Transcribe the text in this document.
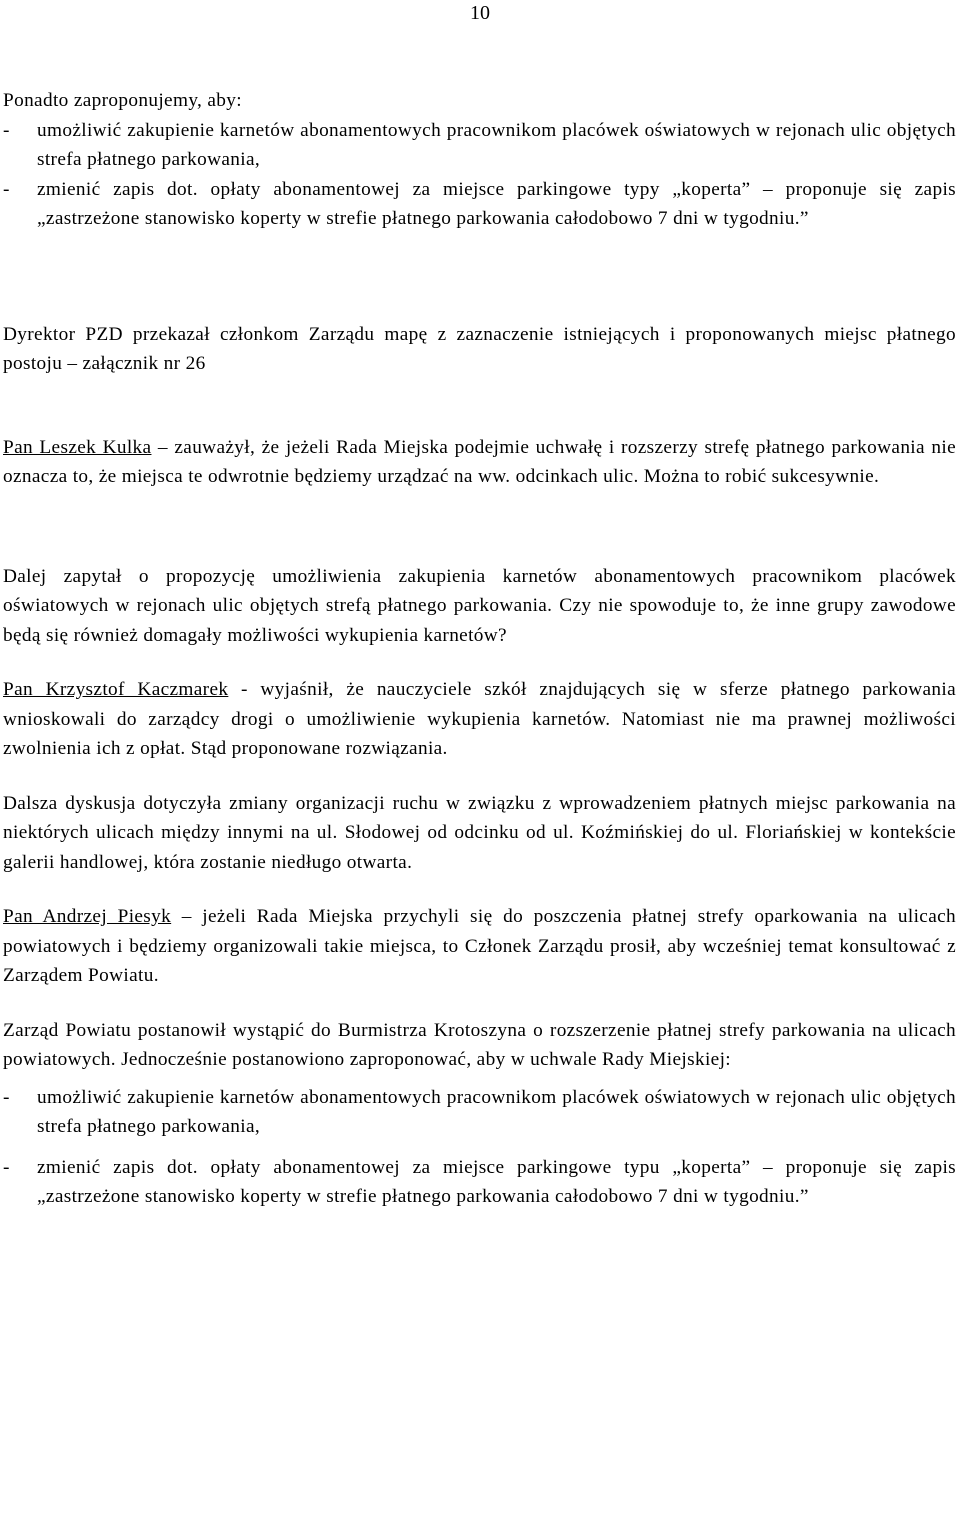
10

Ponadto zaproponujemy, aby:

-	umożliwić zakupienie karnetów abonamentowych pracownikom placówek oświatowych w rejonach ulic objętych strefa płatnego parkowania,
-	zmienić zapis dot. opłaty abonamentowej za miejsce parkingowe typy „koperta” – proponuje się zapis „zastrzeżone stanowisko koperty w strefie płatnego parkowania całodobowo 7 dni w tygodniu.”

Dyrektor PZD przekazał członkom Zarządu mapę z zaznaczenie istniejących i proponowanych miejsc płatnego postoju – załącznik nr 26

Pan Leszek Kulka – zauważył, że jeżeli Rada Miejska podejmie uchwałę i rozszerzy strefę płatnego parkowania nie oznacza to, że miejsca te odwrotnie będziemy urządzać na ww. odcinkach ulic. Można to robić sukcesywnie.

Dalej zapytał o propozycję umożliwienia zakupienia karnetów abonamentowych pracownikom placówek oświatowych w rejonach ulic objętych strefą płatnego parkowania. Czy nie spowoduje to, że inne grupy zawodowe będą się również domagały możliwości wykupienia karnetów?

Pan Krzysztof Kaczmarek - wyjaśnił, że nauczyciele szkół znajdujących się w sferze płatnego parkowania wnioskowali do zarządcy drogi o umożliwienie wykupienia karnetów. Natomiast nie ma prawnej możliwości zwolnienia ich z opłat. Stąd proponowane rozwiązania.

Dalsza dyskusja dotyczyła zmiany organizacji ruchu w związku z wprowadzeniem płatnych miejsc parkowania na niektórych ulicach między innymi na ul. Słodowej od odcinku od ul. Koźmińskiej do ul. Floriańskiej w kontekście galerii handlowej, która zostanie niedługo otwarta.

Pan Andrzej Piesyk – jeżeli Rada Miejska przychyli się do poszczenia płatnej strefy oparkowania na ulicach powiatowych i będziemy organizowali takie miejsca, to Członek Zarządu prosił, aby wcześniej temat konsultować z Zarządem Powiatu.

Zarząd Powiatu postanowił wystąpić do Burmistrza Krotoszyna o rozszerzenie płatnej strefy parkowania na ulicach powiatowych. Jednocześnie postanowiono zaproponować, aby w uchwale Rady Miejskiej:

-	umożliwić zakupienie karnetów abonamentowych pracownikom placówek oświatowych w rejonach ulic objętych strefa płatnego parkowania,
-	zmienić zapis dot. opłaty abonamentowej za miejsce parkingowe typu „koperta” – proponuje się zapis „zastrzeżone stanowisko koperty w strefie płatnego parkowania całodobowo 7 dni w tygodniu.”
